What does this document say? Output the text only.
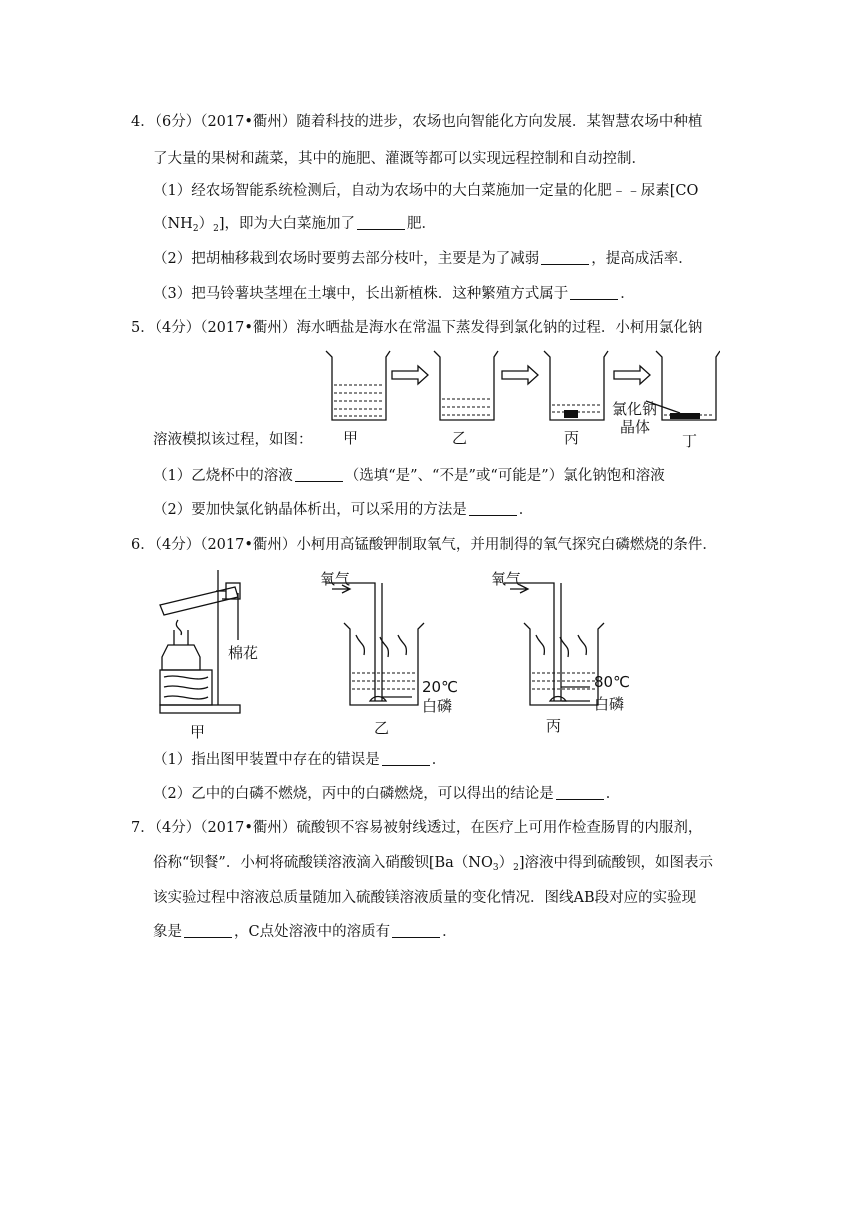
4．（6分）（2017•衢州）随着科技的进步，农场也向智能化方向发展．某智慧农场中种植
了大量的果树和蔬菜，其中的施肥、灌溉等都可以实现远程控制和自动控制．
（1）经农场智能系统检测后，自动为农场中的大白菜施加一定量的化肥﹣﹣尿素[CO
$(NH_2)_2$]，即为大白菜施加了	肥．
（2）把胡柚移栽到农场时要剪去部分枝叶，主要是为了减弱	，提高成活率．
（3）把马铃薯块茎埋在土壤中，长出新植株．这种繁殖方式属于	．
5．（4分）（2017•衢州）海水晒盐是海水在常温下蒸发得到氯化钠的过程．小柯用氯化钠
溶液模拟该过程，如图： 甲	乙	丙	丁
氯化钠
晶体
（1）乙烧杯中的溶液	（选填“是”、“不是”或“可能是”）氯化钠饱和溶液
（2）要加快氯化钠晶体析出，可以采用的方法是	．
6．（4分）（2017•衢州）小柯用高锰酸钾制取氧气，并用制得的氧气探究白磷燃烧的条件．
棉花
氧气	氧气
20℃	80℃
白磷	白磷
甲	乙	丙
（1）指出图甲装置中存在的错误是	．
（2）乙中的白磷不燃烧，丙中的白磷燃烧，可以得出的结论是	．
7．（4分）（2017•衢州）硫酸钡不容易被射线透过，在医疗上可用作检查肠胃的内服剂，
俗称“钡餐”．小柯将硫酸镁溶液滴入硝酸钡$[Ba(NO_3)_2]$溶液中得到硫酸钡，如图表示
该实验过程中溶液总质量随加入硫酸镁溶液质量的变化情况．图线AB段对应的实验现
象是	，C点处溶液中的溶质有	．
